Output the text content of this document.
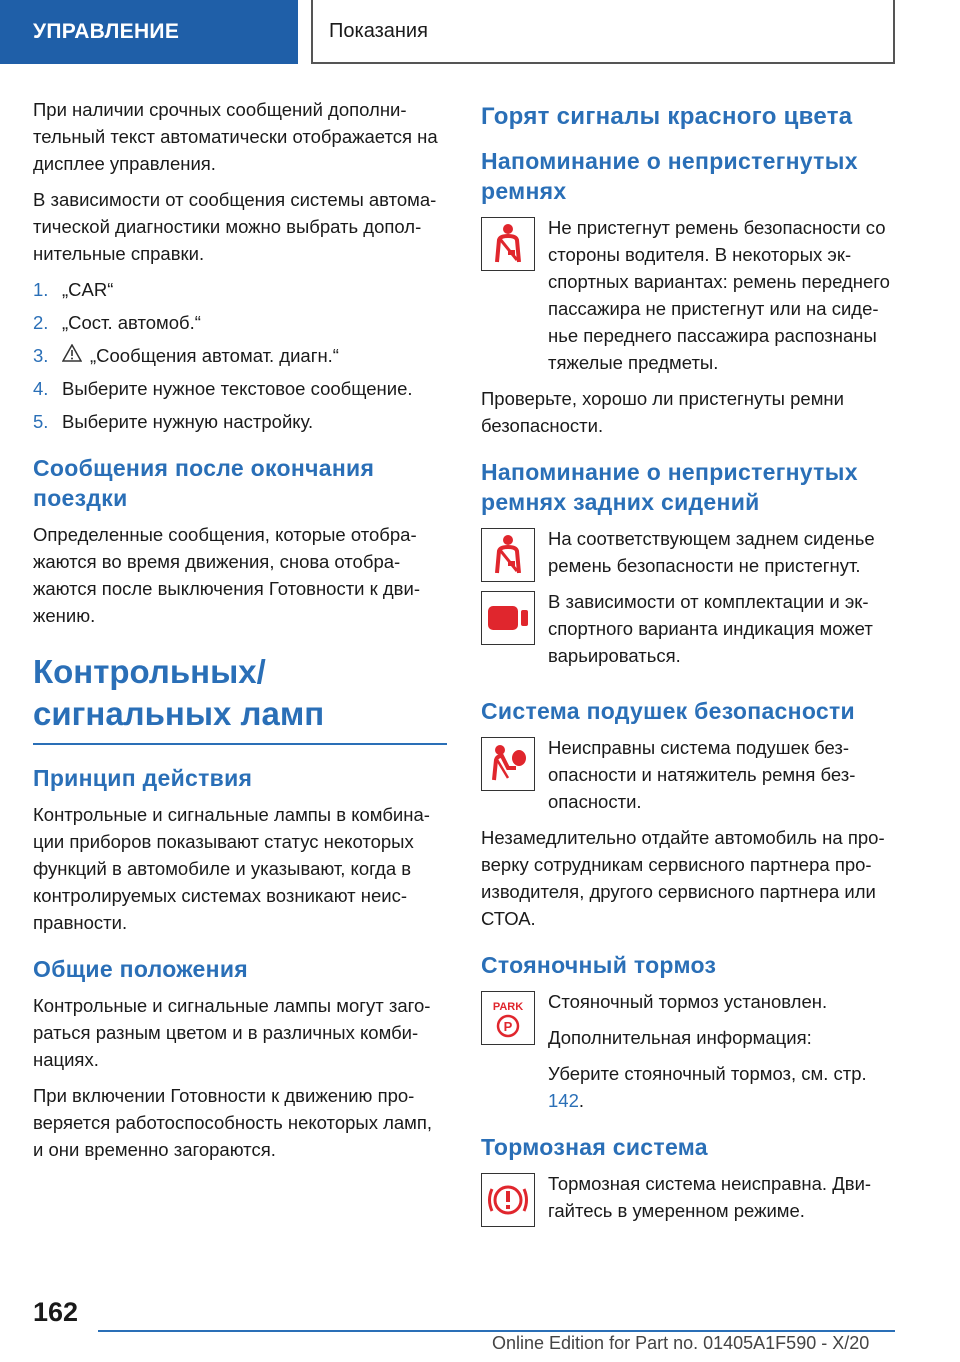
УПРАВЛЕНИЕ	Показания

При наличии срочных сообщений дополнительный текст автоматически отображается на дисплее управления.

В зависимости от сообщения системы автоматической диагностики можно выбрать дополнительные справки.

1. „CAR“
2. „Сост. автомоб.“
3.	„Сообщения автомат. диагн.“
4. Выберите нужное текстовое сообщение.
5. Выберите нужную настройку.
Сообщения после окончания поездки

Определенные сообщения, которые отображаются во время движения, снова отображаются после выключения Готовности к движению.

Контрольных/сигнальных ламп
Принцип действия

Контрольные и сигнальные лампы в комбинации приборов показывают статус некоторых функций в автомобиле и указывают, когда в контролируемых системах возникают неисправности.

Общие положения

Контрольные и сигнальные лампы могут загораться разным цветом и в различных комбинациях.

При включении Готовности к движению проверяется работоспособность некоторых ламп, и они временно загораются.

Горят сигналы красного цвета
Напоминание о непристегнутых ремнях

Не пристегнут ремень безопасности со стороны водителя. В некоторых экспортных вариантах: ремень переднего пассажира не пристегнут или на сиденье переднего пассажира распознаны тяжелые предметы.

Проверьте, хорошо ли пристегнуты ремни безопасности.

Напоминание о непристегнутых ремнях задних сидений

На соответствующем заднем сиденье ремень безопасности не пристегнут.

В зависимости от комплектации и экспортного варианта индикация может варьироваться.

Система подушек безопасности

Неисправны система подушек безопасности и натяжитель ремня безопасности.

Незамедлительно отдайте автомобиль на проверку сотрудникам сервисного партнера производителя, другого сервисного партнера или СТОА.

Стояночный тормоз
PARK
P

Стояночный тормоз установлен.

Дополнительная информация:

Уберите стояночный тормоз, см. стр. 142.

Тормозная система

Тормозная система неисправна. Двигайтесь в умеренном режиме.

162
Online Edition for Part no. 01405A1F590 - X/20
